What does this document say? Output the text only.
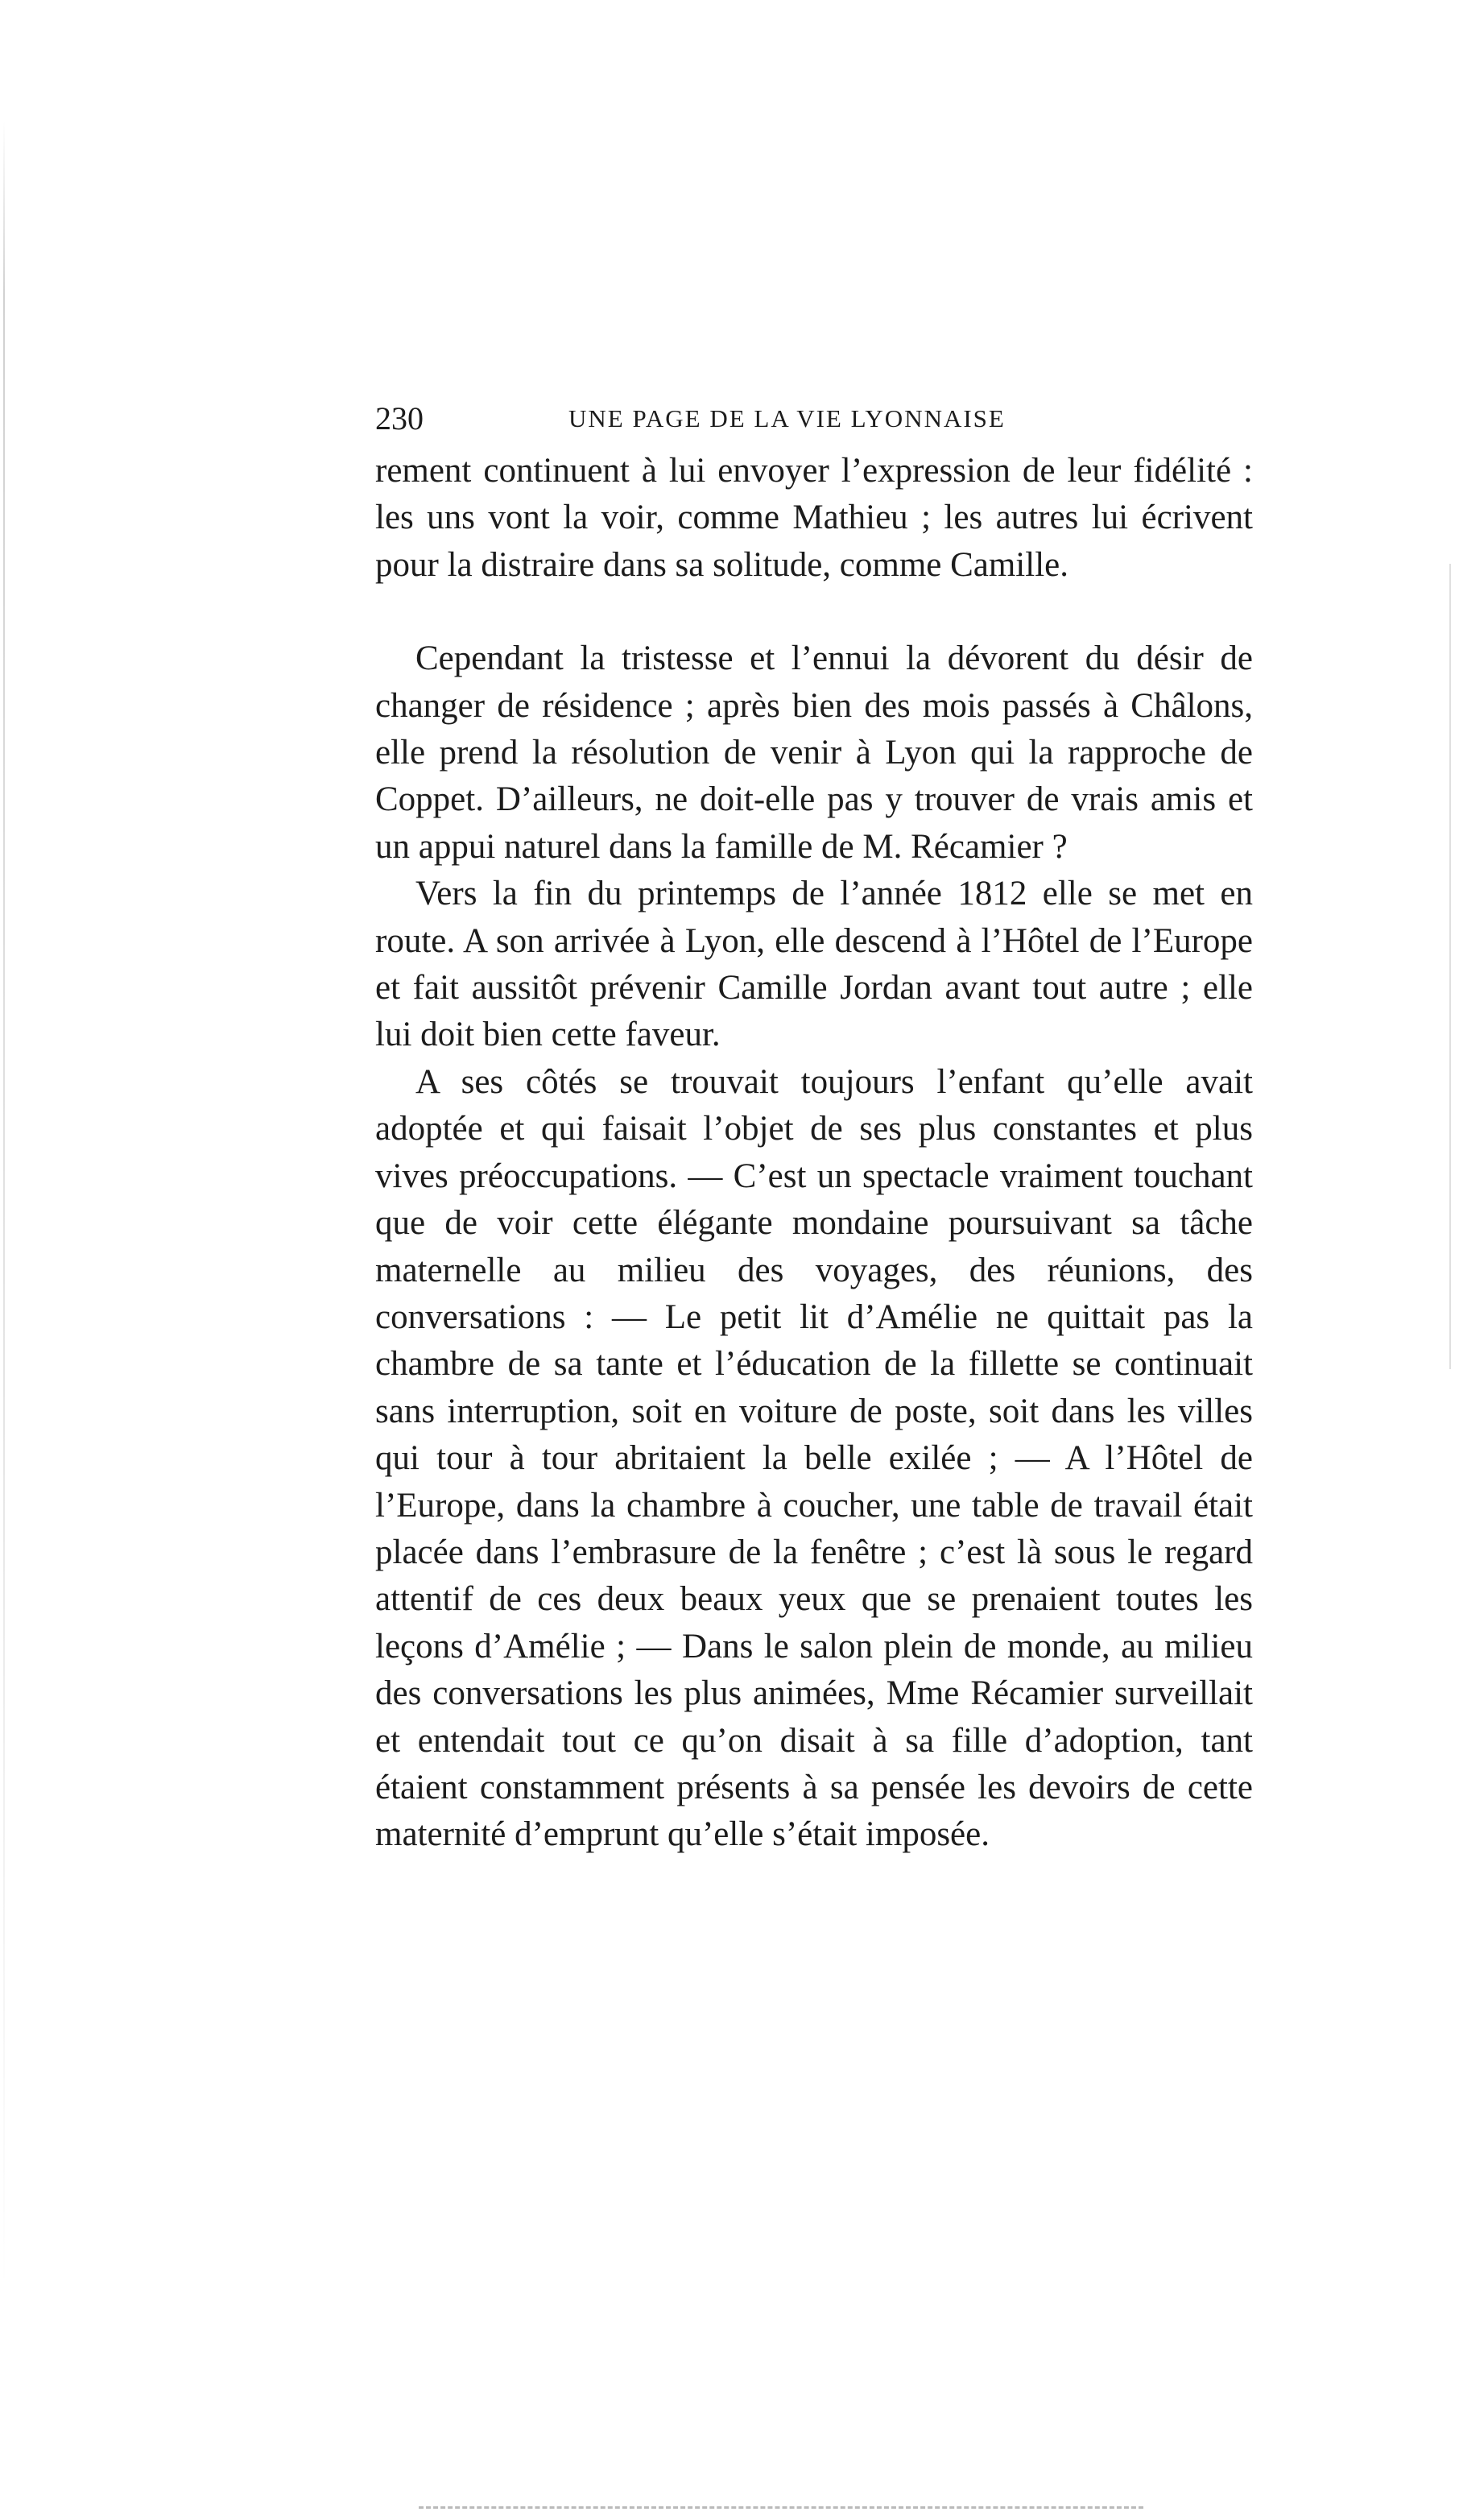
230	UNE PAGE DE LA VIE LYONNAISE

rement continuent à lui envoyer l’expression de leur fidélité : les uns vont la voir, comme Mathieu ; les autres lui écrivent pour la distraire dans sa solitude, comme Camille.

Cependant la tristesse et l’ennui la dévorent du désir de changer de résidence ; après bien des mois passés à Châlons, elle prend la résolution de venir à Lyon qui la rapproche de Coppet. D’ailleurs, ne doit-elle pas y trouver de vrais amis et un appui naturel dans la famille de M. Récamier ?

Vers la fin du printemps de l’année 1812 elle se met en route. A son arrivée à Lyon, elle descend à l’Hôtel de l’Europe et fait aussitôt prévenir Camille Jordan avant tout autre ; elle lui doit bien cette faveur.

A ses côtés se trouvait toujours l’enfant qu’elle avait adoptée et qui faisait l’objet de ses plus constantes et plus vives préoccupations. — C’est un spectacle vraiment touchant que de voir cette élégante mondaine poursuivant sa tâche maternelle au milieu des voyages, des réunions, des conversations : — Le petit lit d’Amélie ne quittait pas la chambre de sa tante et l’éducation de la fillette se continuait sans interruption, soit en voiture de poste, soit dans les villes qui tour à tour abritaient la belle exilée ; — A l’Hôtel de l’Europe, dans la chambre à coucher, une table de travail était placée dans l’embrasure de la fenêtre ; c’est là sous le regard attentif de ces deux beaux yeux que se prenaient toutes les leçons d’Amélie ; — Dans le salon plein de monde, au milieu des conversations les plus animées, Mme Récamier surveillait et entendait tout ce qu’on disait à sa fille d’adoption, tant étaient constamment présents à sa pensée les devoirs de cette maternité d’emprunt qu’elle s’était imposée.
